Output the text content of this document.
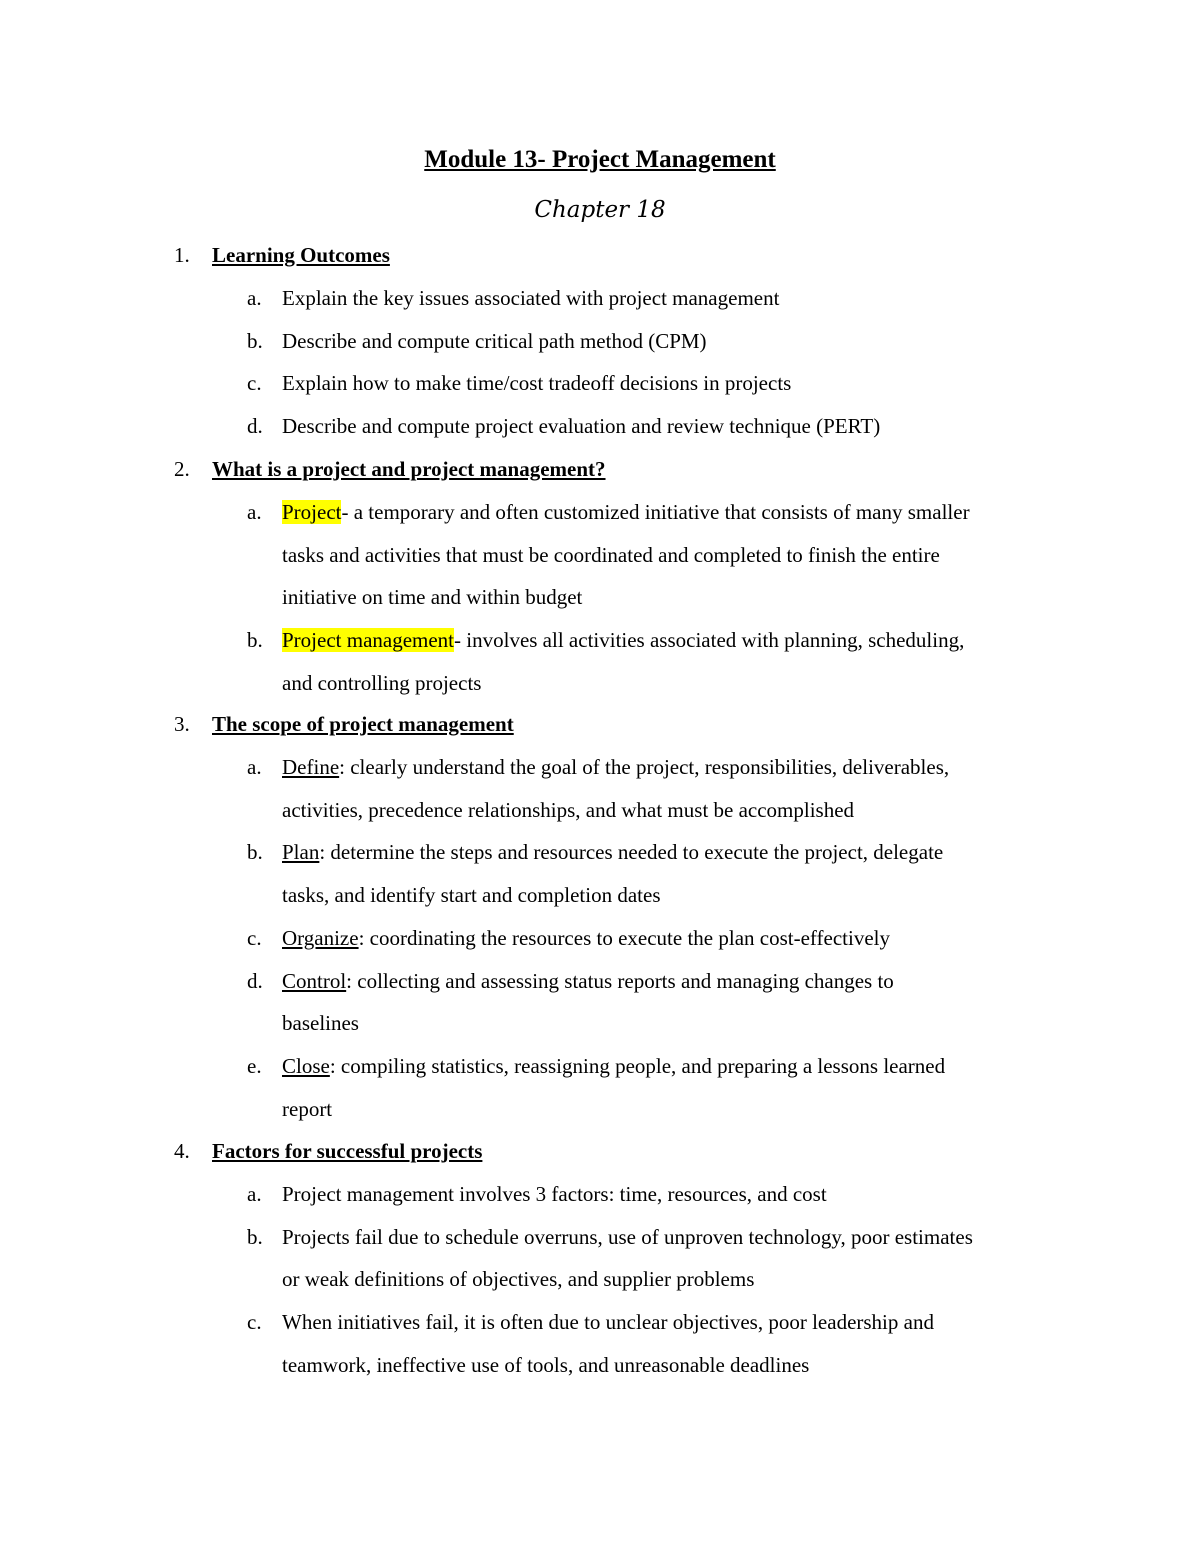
Module 13- Project Management
Chapter 18
1. Learning Outcomes
a. Explain the key issues associated with project management
b. Describe and compute critical path method (CPM)
c. Explain how to make time/cost tradeoff decisions in projects
d. Describe and compute project evaluation and review technique (PERT)
2. What is a project and project management?
a. Project- a temporary and often customized initiative that consists of many smaller
tasks and activities that must be coordinated and completed to finish the entire
initiative on time and within budget
b. Project management- involves all activities associated with planning, scheduling,
and controlling projects
3. The scope of project management
a. Define: clearly understand the goal of the project, responsibilities, deliverables,
activities, precedence relationships, and what must be accomplished
b. Plan: determine the steps and resources needed to execute the project, delegate
tasks, and identify start and completion dates
c. Organize: coordinating the resources to execute the plan cost-effectively
d. Control: collecting and assessing status reports and managing changes to
baselines
e. Close: compiling statistics, reassigning people, and preparing a lessons learned
report
4. Factors for successful projects
a. Project management involves 3 factors: time, resources, and cost
b. Projects fail due to schedule overruns, use of unproven technology, poor estimates
or weak definitions of objectives, and supplier problems
c. When initiatives fail, it is often due to unclear objectives, poor leadership and
teamwork, ineffective use of tools, and unreasonable deadlines
